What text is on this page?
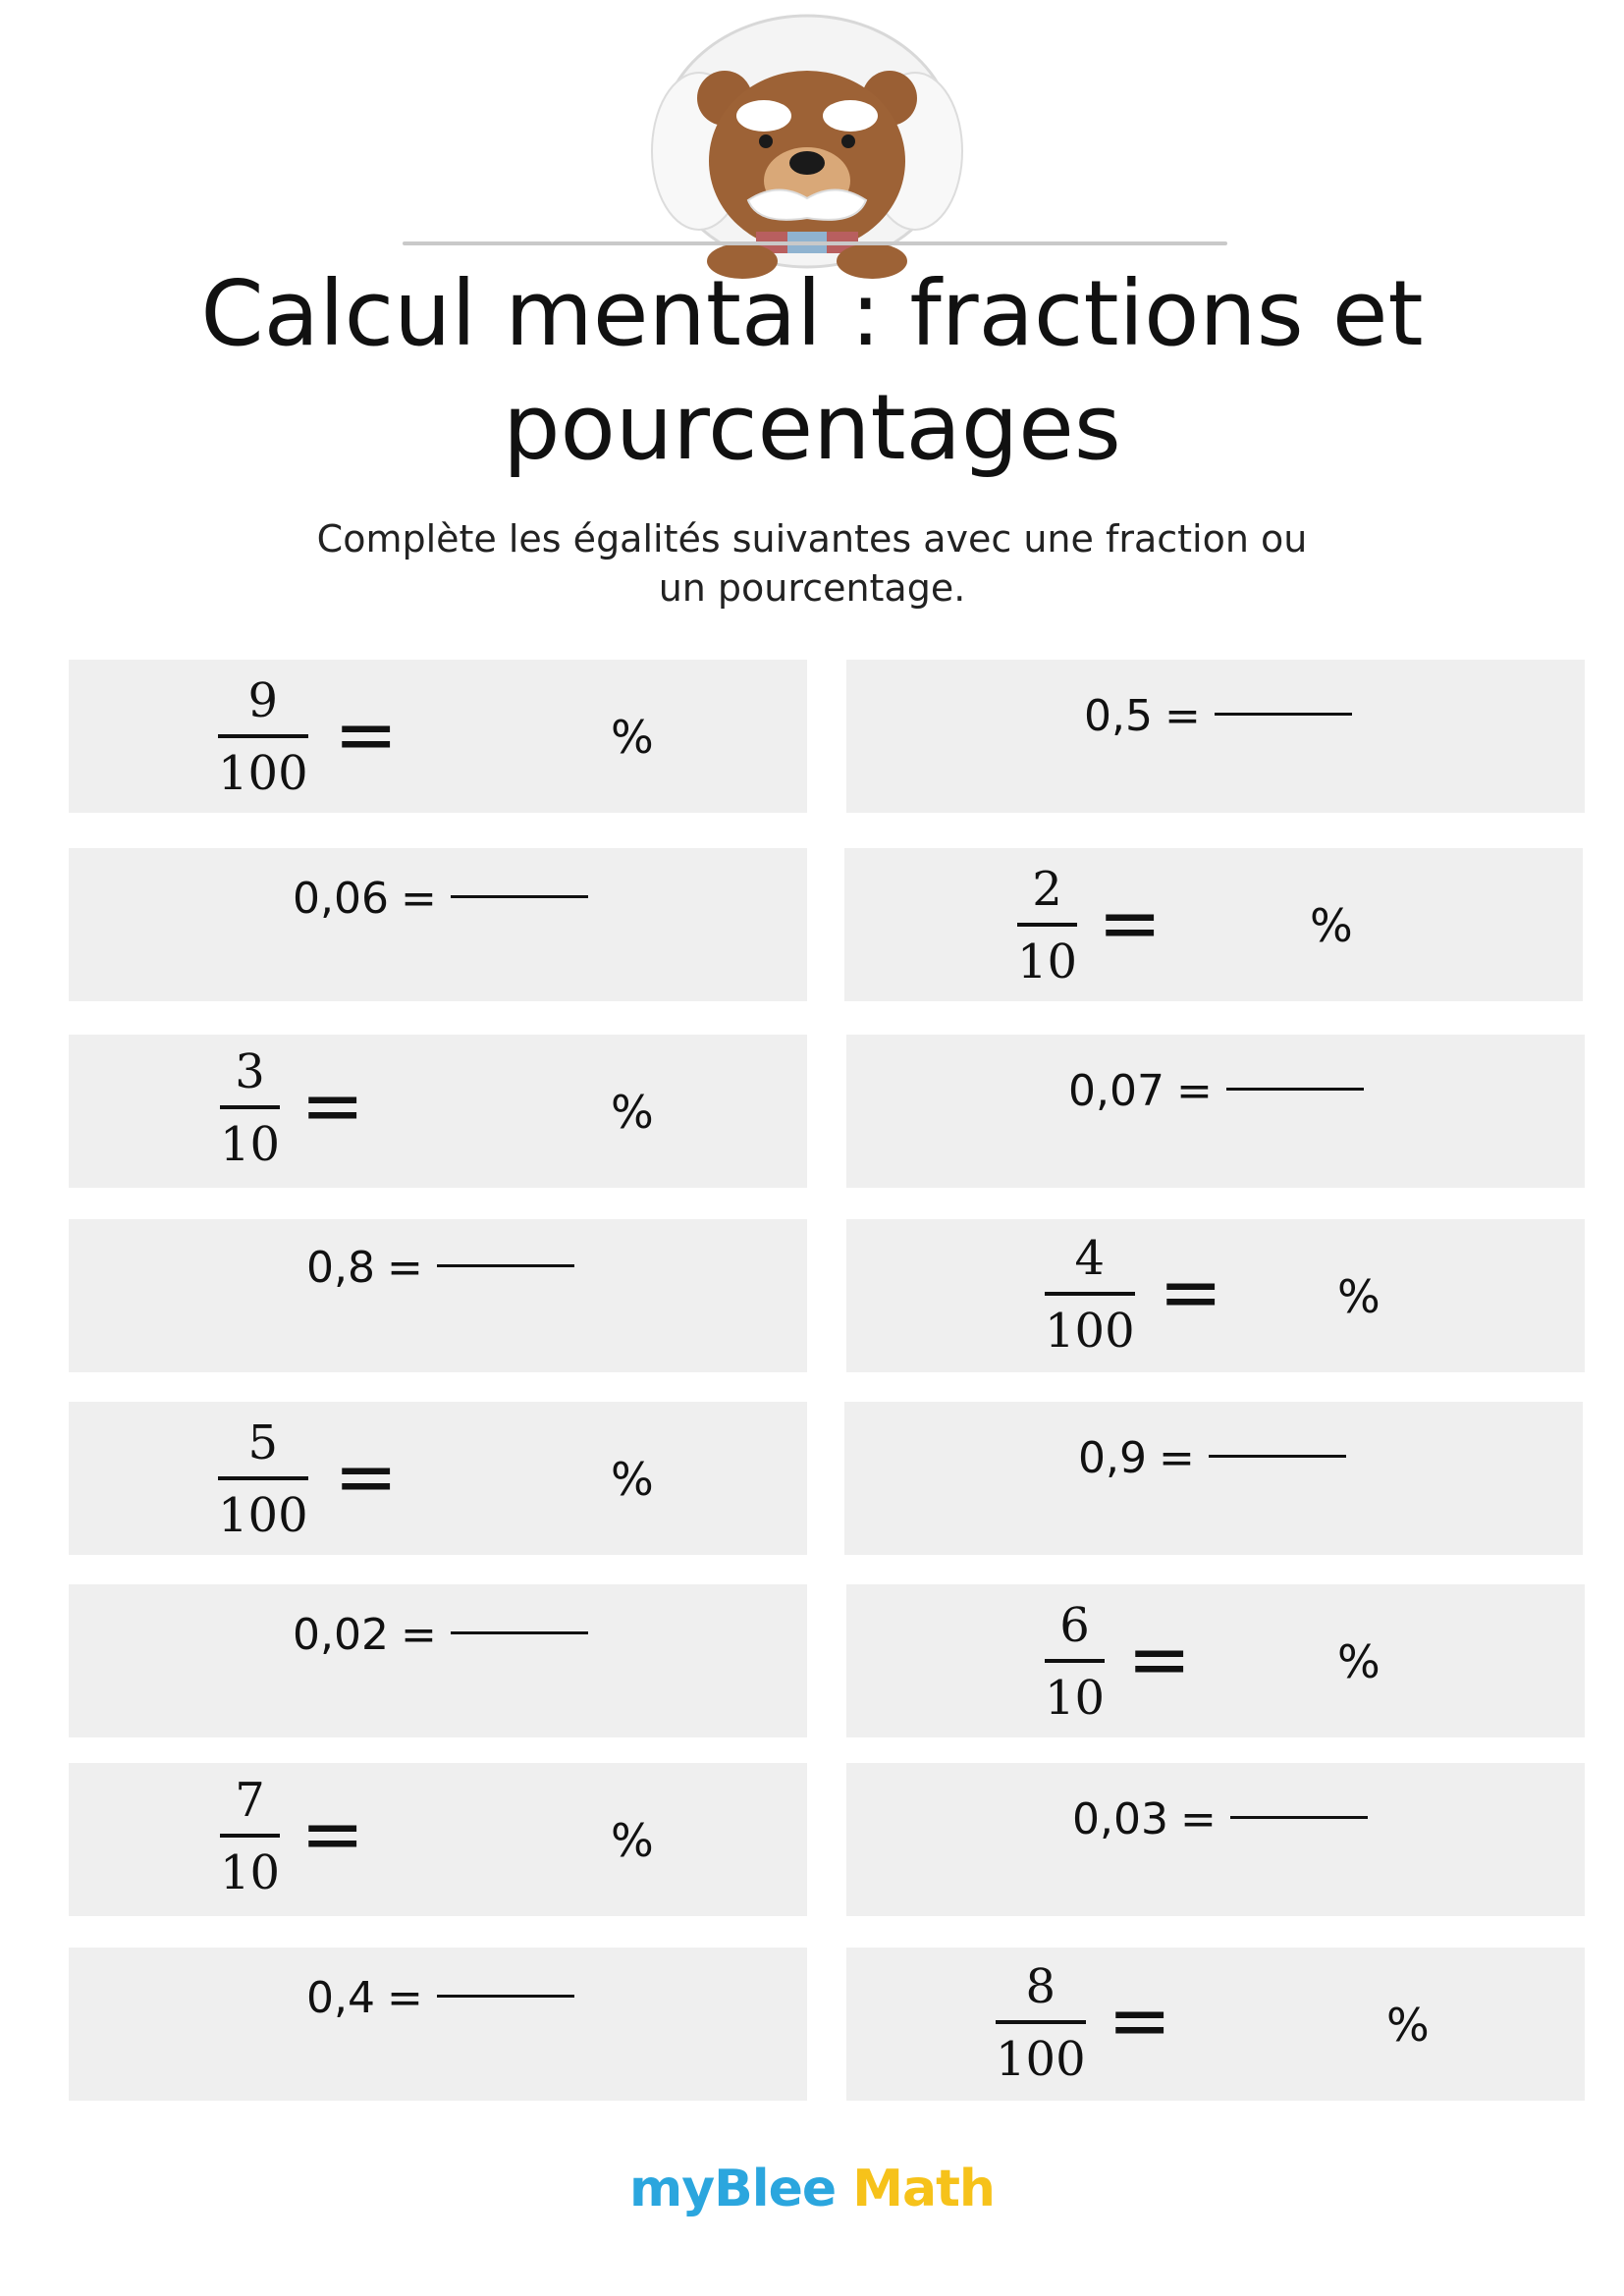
Calcul mental : fractions et pourcentages

Complète les égalités suivantes avec une fraction ou un pourcentage.

9
100 =	%
0,06 =
3
10 =	%
0,8 =
5
100 =	%
0,02 =
7
10 =	%
0,4 =
0,5 =
2
10 =	%
0,07 =
4
100 =	%
0,9 =
6
10 =	%
0,03 =
8
100 =	%
myBlee Math
